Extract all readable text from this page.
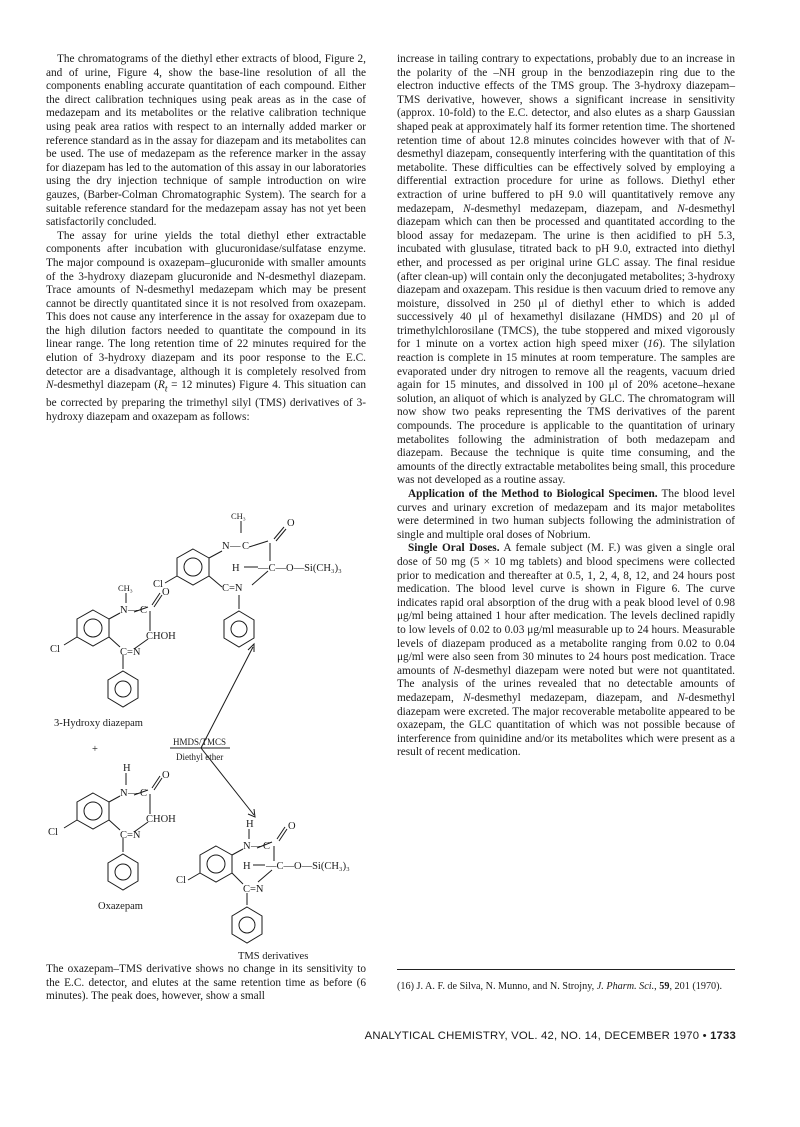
The chromatograms of the diethyl ether extracts of blood, Figure 2, and of urine, Figure 4, show the base-line resolution of all the components enabling accurate quantitation of each compound. Either the direct calibration techniques using peak areas as in the case of medazepam and its metabolites or the relative calibration technique using peak area ratios with respect to an internally added marker or reference standard as in the assay for diazepam and its metabolites can be used. The use of medazepam as the reference marker in the assay for diazepam has led to the automation of this assay in our laboratories using the dry injection technique of sample introduction on wire gauzes, (Barber-Colman Chromatographic System). The search for a suitable reference standard for the medazepam assay has not yet been satisfactorily concluded.

The assay for urine yields the total diethyl ether extractable components after incubation with glucuronidase/sulfatase enzyme. The major compound is oxazepam–glucuronide with smaller amounts of the 3-hydroxy diazepam glucuronide and N-desmethyl diazepam. Trace amounts of N-desmethyl medazepam which may be present cannot be directly quantitated since it is not resolved from oxazepam. This does not cause any interference in the assay for oxazepam due to the high dilution factors needed to quantitate the compound in its linear range. The long retention time of 22 minutes required for the elution of 3-hydroxy diazepam and its poor response to the E.C. detector are a disadvantage, although it is completely resolved from N-desmethyl diazepam ($R_t = 12$ minutes) Figure 4. This situation can be corrected by preparing the trimethyl silyl (TMS) derivatives of 3-hydroxy diazepam and oxazepam as follows:

CH₃
N — C
O
H —C—O—Si(CH₃)₃
C=N
Cl
CH₃
N — C
O
CHOH
C=N
Cl
3-Hydroxy diazepam
+
HMDS/TMCS
Diethyl ether
H
N — C
O
CHOH
C=N
Cl
Oxazepam
H
N — C
O
H —C—O—Si(CH₃)₃
C=N
Cl
TMS derivatives

The oxazepam–TMS derivative shows no change in its sensitivity to the E.C. detector, and elutes at the same retention time as before (6 minutes). The peak does, however, show a small

increase in tailing contrary to expectations, probably due to an increase in the polarity of the –NH group in the benzodiazepin ring due to the electron inductive effects of the TMS group. The 3-hydroxy diazepam–TMS derivative, however, shows a significant increase in sensitivity (approx. 10-fold) to the E.C. detector, and also elutes as a sharp Gaussian shaped peak at approximately half its former retention time. The shortened retention time of about 12.8 minutes coincides however with that of N-desmethyl diazepam, consequently interfering with the quantitation of this metabolite. These difficulties can be effectively solved by employing a differential extraction procedure for urine as follows. Diethyl ether extraction of urine buffered to pH 9.0 will quantitatively remove any medazepam, N-desmethyl medazepam, diazepam, and N-desmethyl diazepam which can then be processed and quantitated according to the blood assay for medazepam. The urine is then acidified to pH 5.3, incubated with glusulase, titrated back to pH 9.0, extracted into diethyl ether, and processed as per original urine GLC assay. The final residue (after clean-up) will contain only the deconjugated metabolites; 3-hydroxy diazepam and oxazepam. This residue is then vacuum dried to remove any moisture, dissolved in 250 μl of diethyl ether to which is added successively 40 μl of hexamethyl disilazane (HMDS) and 20 μl of trimethylchlorosilane (TMCS), the tube stoppered and mixed vigorously for 1 minute on a vortex action high speed mixer (16). The silylation reaction is complete in 15 minutes at room temperature. The samples are evaporated under dry nitrogen to remove all the reagents, vacuum dried again for 15 minutes, and dissolved in 100 μl of 20% acetone–hexane solution, an aliquot of which is analyzed by GLC. The chromatogram will now show two peaks representing the TMS derivatives of the parent compounds. The procedure is applicable to the quantitation of urinary metabolites following the administration of both medazepam and diazepam. Because the technique is quite time consuming, and the amounts of the directly extractable metabolites being small, this procedure was not developed as a routine assay.

Application of the Method to Biological Specimen. The blood level curves and urinary excretion of medazepam and its major metabolites were determined in two human subjects following the administration of single and multiple oral doses of Nobrium.

Single Oral Doses. A female subject (M. F.) was given a single oral dose of 50 mg (5 × 10 mg tablets) and blood specimens were collected prior to medication and thereafter at 0.5, 1, 2, 4, 8, 12, and 24 hours post medication. The blood level curve is shown in Figure 6. The curve indicates rapid oral absorption of the drug with a peak blood level of 0.98 μg/ml being attained 1 hour after medication. The levels declined rapidly to low levels of 0.02 to 0.03 μg/ml measurable up to 24 hours. Measurable levels of diazepam produced as a metabolite ranging from 0.02 to 0.04 μg/ml were also seen from 30 minutes to 24 hours post medication. Trace amounts of N-desmethyl diazepam were noted but were not quantitated. The analysis of the urines revealed that no detectable amounts of medazepam, N-desmethyl medazepam, diazepam, and N-desmethyl diazepam were excreted. The major recoverable metabolite appeared to be oxazepam, the GLC quantitation of which was not possible because of interference from quinidine and/or its metabolites which were present as a result of recent medication.

(16) J. A. F. de Silva, N. Munno, and N. Strojny, J. Pharm. Sci., 59, 201 (1970).

ANALYTICAL CHEMISTRY, VOL. 42, NO. 14, DECEMBER 1970 • 1733
